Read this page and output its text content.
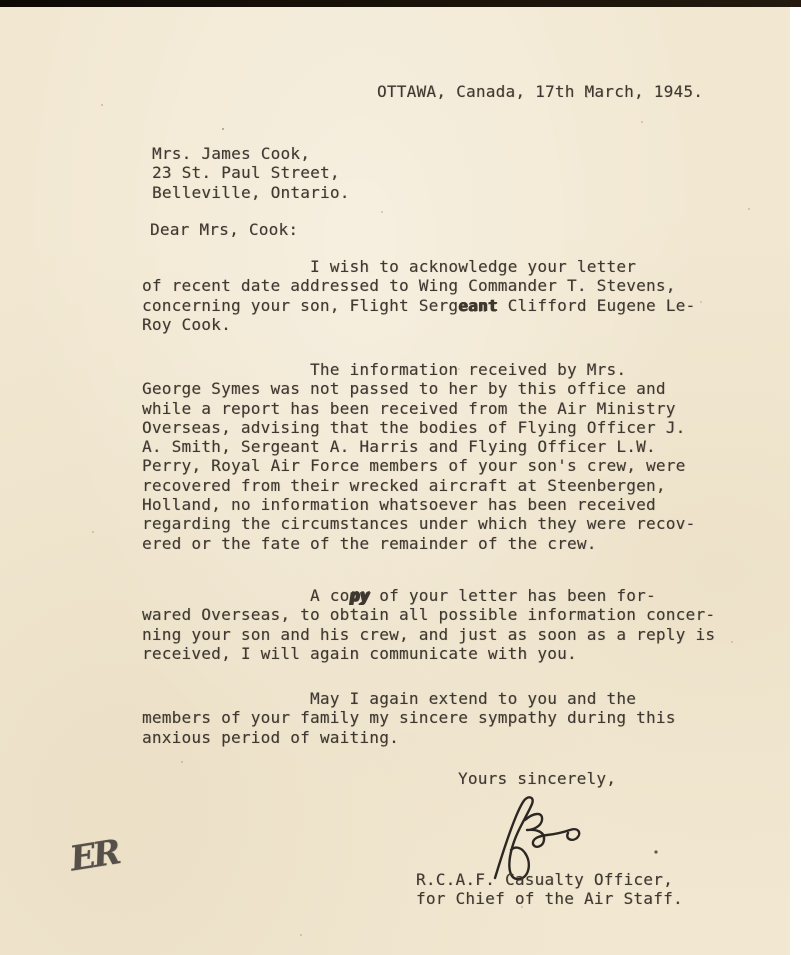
OTTAWA, Canada, 17th March, 1945.
Mrs. James Cook,
23 St. Paul Street,
Belleville, Ontario.
Dear Mrs, Cook:
I wish to acknowledge your letter
of recent date addressed to Wing Commander T. Stevens,
concerning your son, Flight Sergeant Clifford Eugene Le-
Roy Cook.
The information received by Mrs.
George Symes was not passed to her by this office and
while a report has been received from the Air Ministry
Overseas, advising that the bodies of Flying Officer J.
A. Smith, Sergeant A. Harris and Flying Officer L.W.
Perry, Royal Air Force members of your son's crew, were
recovered from their wrecked aircraft at Steenbergen,
Holland, no information whatsoever has been received
regarding the circumstances under which they were recov-
ered or the fate of the remainder of the crew.
A copy of your letter has been for-
wared Overseas, to obtain all possible information concer-
ning your son and his crew, and just as soon as a reply is
received, I will again communicate with you.
May I again extend to you and the
members of your family my sincere sympathy during this
anxious period of waiting.
Yours sincerely,
R.C.A.F. Casualty Officer,
for Chief of the Air Staff.
ER
